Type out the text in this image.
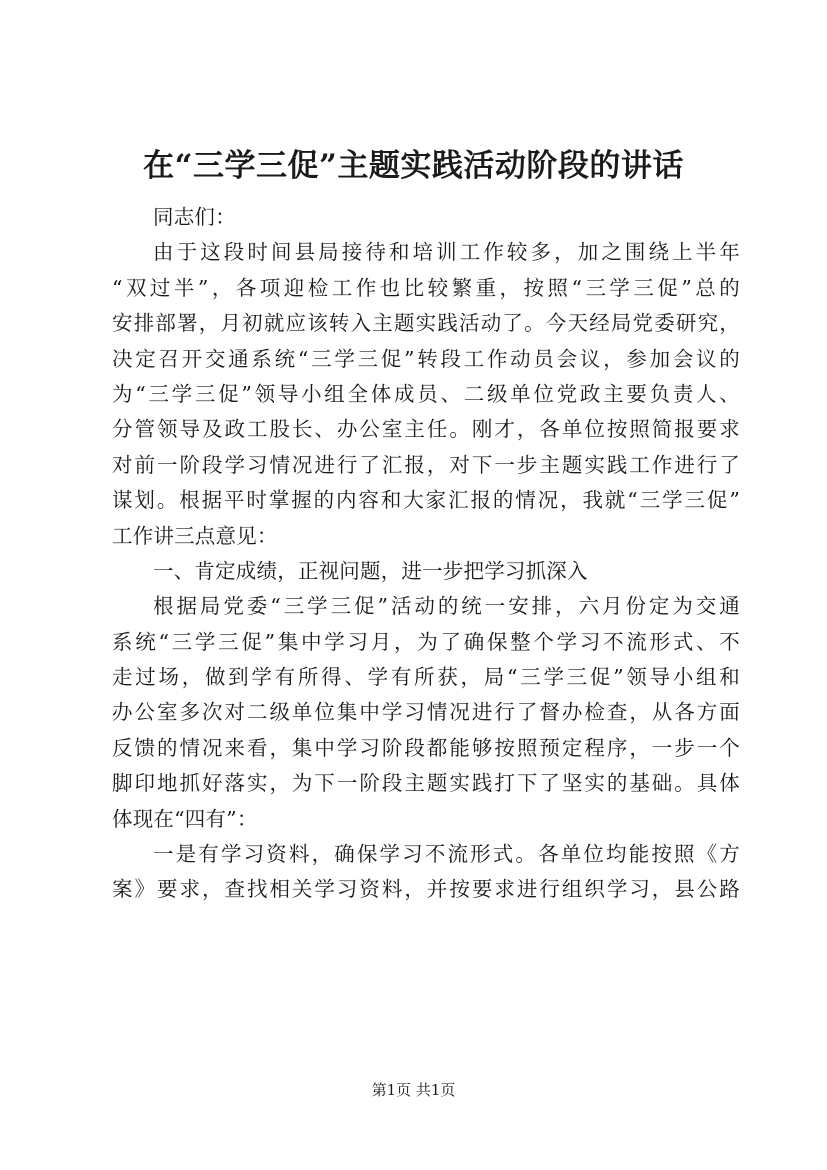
在“三学三促”主题实践活动阶段的讲话
同志们：
由于这段时间县局接待和培训工作较多，加之围绕上半年
“双过半”，各项迎检工作也比较繁重，按照“三学三促”总的
安排部署，月初就应该转入主题实践活动了。今天经局党委研究，
决定召开交通系统“三学三促”转段工作动员会议，参加会议的
为“三学三促”领导小组全体成员、二级单位党政主要负责人、
分管领导及政工股长、办公室主任。刚才，各单位按照简报要求
对前一阶段学习情况进行了汇报，对下一步主题实践工作进行了
谋划。根据平时掌握的内容和大家汇报的情况，我就“三学三促”
工作讲三点意见：
一、肯定成绩，正视问题，进一步把学习抓深入
根据局党委“三学三促”活动的统一安排，六月份定为交通
系统“三学三促”集中学习月，为了确保整个学习不流形式、不
走过场，做到学有所得、学有所获，局“三学三促”领导小组和
办公室多次对二级单位集中学习情况进行了督办检查，从各方面
反馈的情况来看，集中学习阶段都能够按照预定程序，一步一个
脚印地抓好落实，为下一阶段主题实践打下了坚实的基础。具体
体现在“四有”：
一是有学习资料，确保学习不流形式。各单位均能按照《方
案》要求，查找相关学习资料，并按要求进行组织学习，县公路
第1页 共1页
